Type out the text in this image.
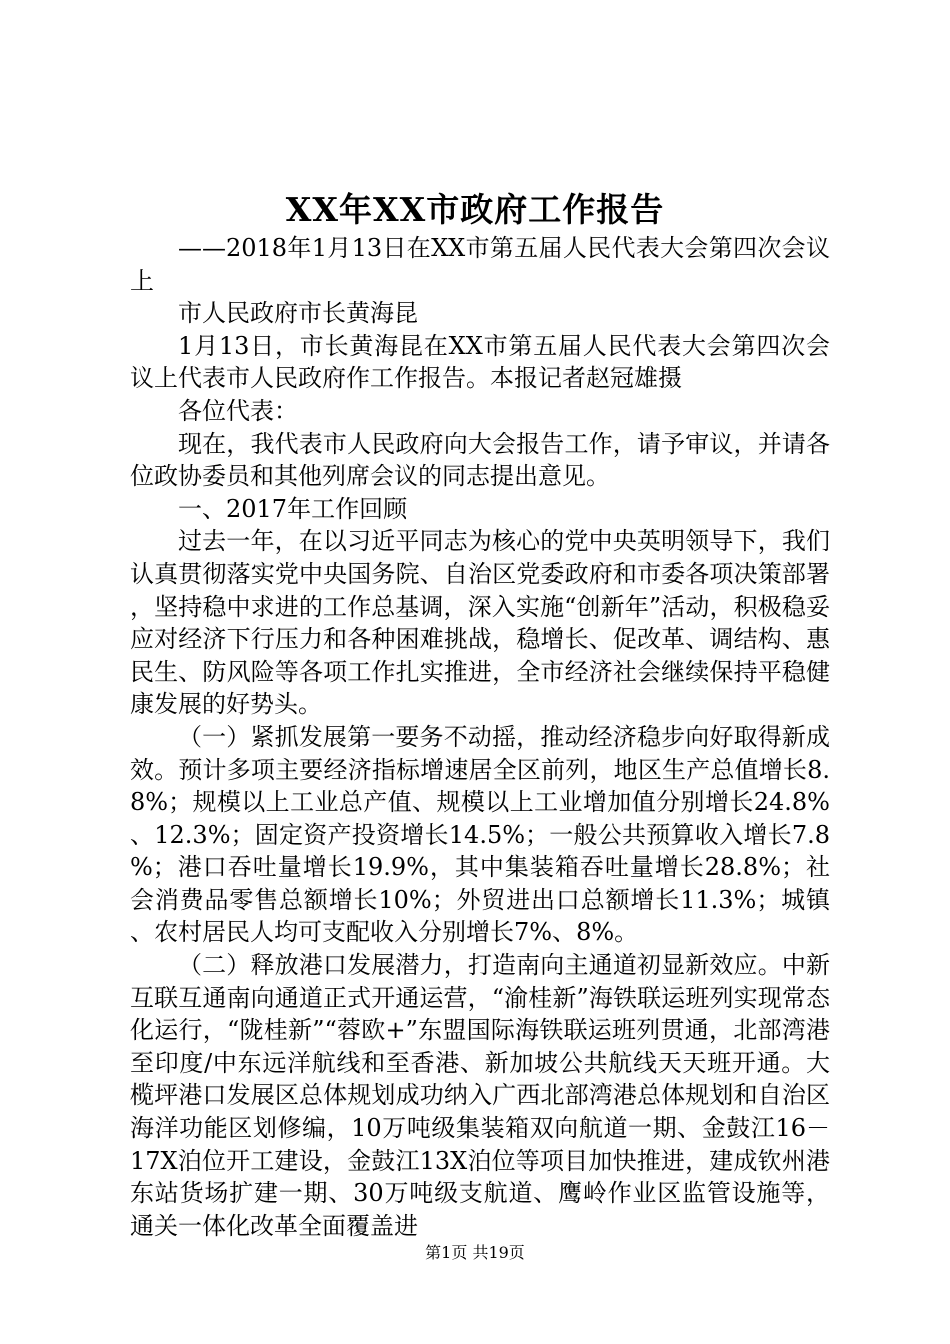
XX年XX市政府工作报告

——2018年1月13日在XX市第五届人民代表大会第四次会议上

市人民政府市长黄海昆

1月13日，市长黄海昆在XX市第五届人民代表大会第四次会议上代表市人民政府作工作报告。本报记者赵冠雄摄

各位代表：

现在，我代表市人民政府向大会报告工作，请予审议，并请各位政协委员和其他列席会议的同志提出意见。

一、2017年工作回顾

过去一年，在以习近平同志为核心的党中央英明领导下，我们认真贯彻落实党中央国务院、自治区党委政府和市委各项决策部署，坚持稳中求进的工作总基调，深入实施“创新年”活动，积极稳妥应对经济下行压力和各种困难挑战，稳增长、促改革、调结构、惠民生、防风险等各项工作扎实推进，全市经济社会继续保持平稳健康发展的好势头。

（一）紧抓发展第一要务不动摇，推动经济稳步向好取得新成效。预计多项主要经济指标增速居全区前列，地区生产总值增长8.8%；规模以上工业总产值、规模以上工业增加值分别增长24.8%、12.3%；固定资产投资增长14.5%；一般公共预算收入增长7.8%；港口吞吐量增长19.9%，其中集装箱吞吐量增长28.8%；社会消费品零售总额增长10%；外贸进出口总额增长11.3%；城镇、农村居民人均可支配收入分别增长7%、8%。

（二）释放港口发展潜力，打造南向主通道初显新效应。中新互联互通南向通道正式开通运营，“渝桂新”海铁联运班列实现常态化运行，“陇桂新”“蓉欧+”东盟国际海铁联运班列贯通，北部湾港至印度/中东远洋航线和至香港、新加坡公共航线天天班开通。大榄坪港口发展区总体规划成功纳入广西北部湾港总体规划和自治区海洋功能区划修编，10万吨级集装箱双向航道一期、金鼓江16－17X泊位开工建设，金鼓江13X泊位等项目加快推进，建成钦州港东站货场扩建一期、30万吨级支航道、鹰岭作业区监管设施等，通关一体化改革全面覆盖进

第1页 共19页
